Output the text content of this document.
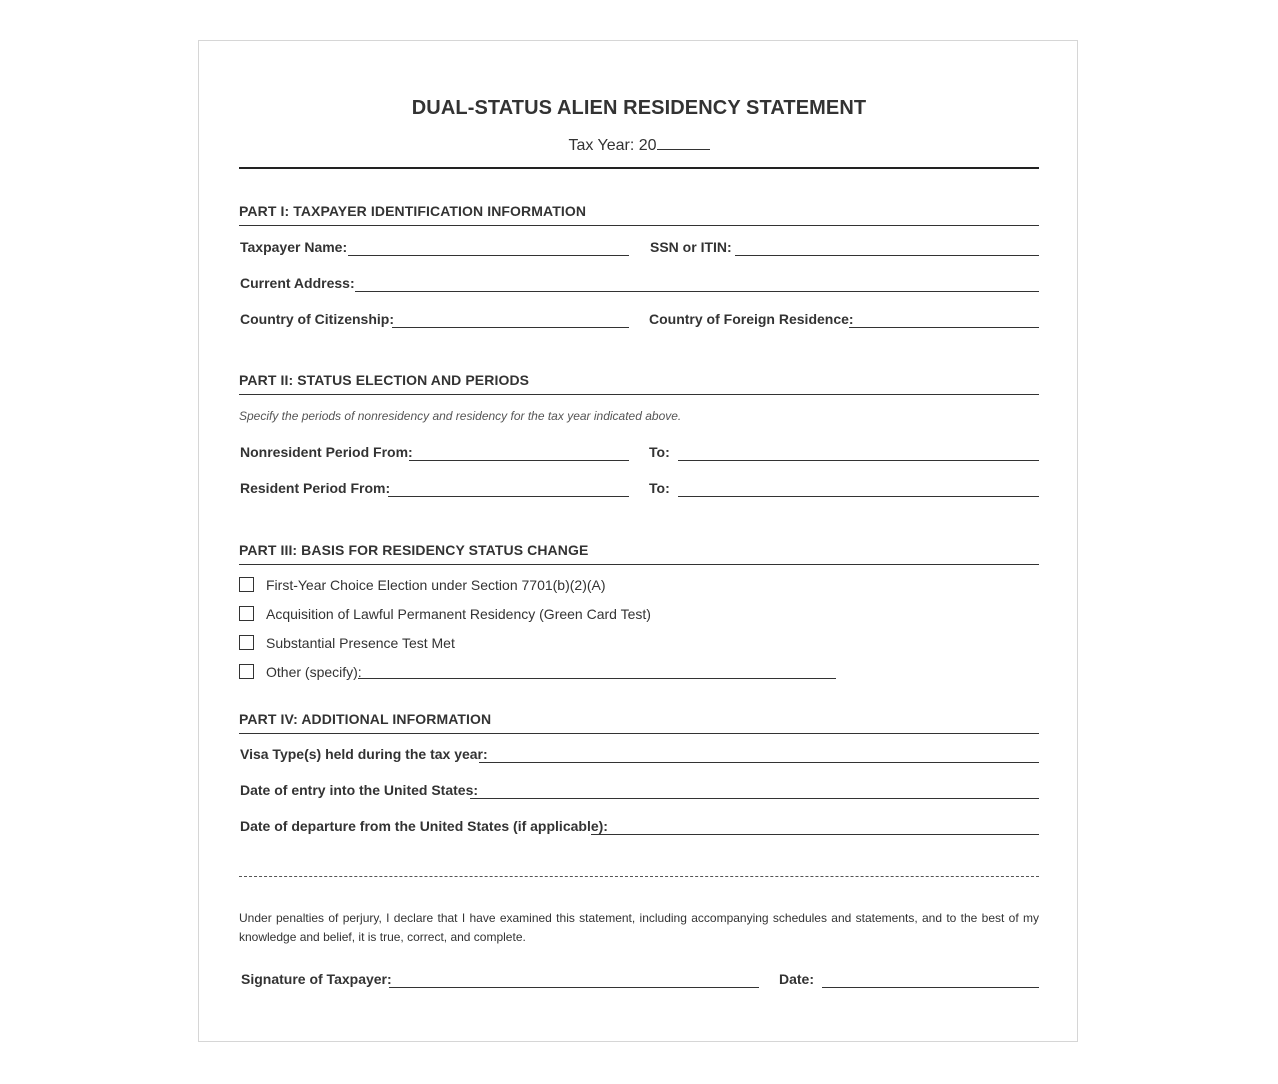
DUAL-STATUS ALIEN RESIDENCY STATEMENT
Tax Year: 20
PART I: TAXPAYER IDENTIFICATION INFORMATION
Taxpayer Name:	SSN or ITIN:
Current Address:
Country of Citizenship:	Country of Foreign Residence:
PART II: STATUS ELECTION AND PERIODS
Specify the periods of nonresidency and residency for the tax year indicated above.
Nonresident Period From:	To:
Resident Period From:	To:
PART III: BASIS FOR RESIDENCY STATUS CHANGE
First-Year Choice Election under Section 7701(b)(2)(A)
Acquisition of Lawful Permanent Residency (Green Card Test)
Substantial Presence Test Met
Other (specify):
PART IV: ADDITIONAL INFORMATION
Visa Type(s) held during the tax year:
Date of entry into the United States:
Date of departure from the United States (if applicable):
Under penalties of perjury, I declare that I have examined this statement, including accompanying schedules and statements, and to the best of my knowledge and belief, it is true, correct, and complete.
Signature of Taxpayer:	Date:
